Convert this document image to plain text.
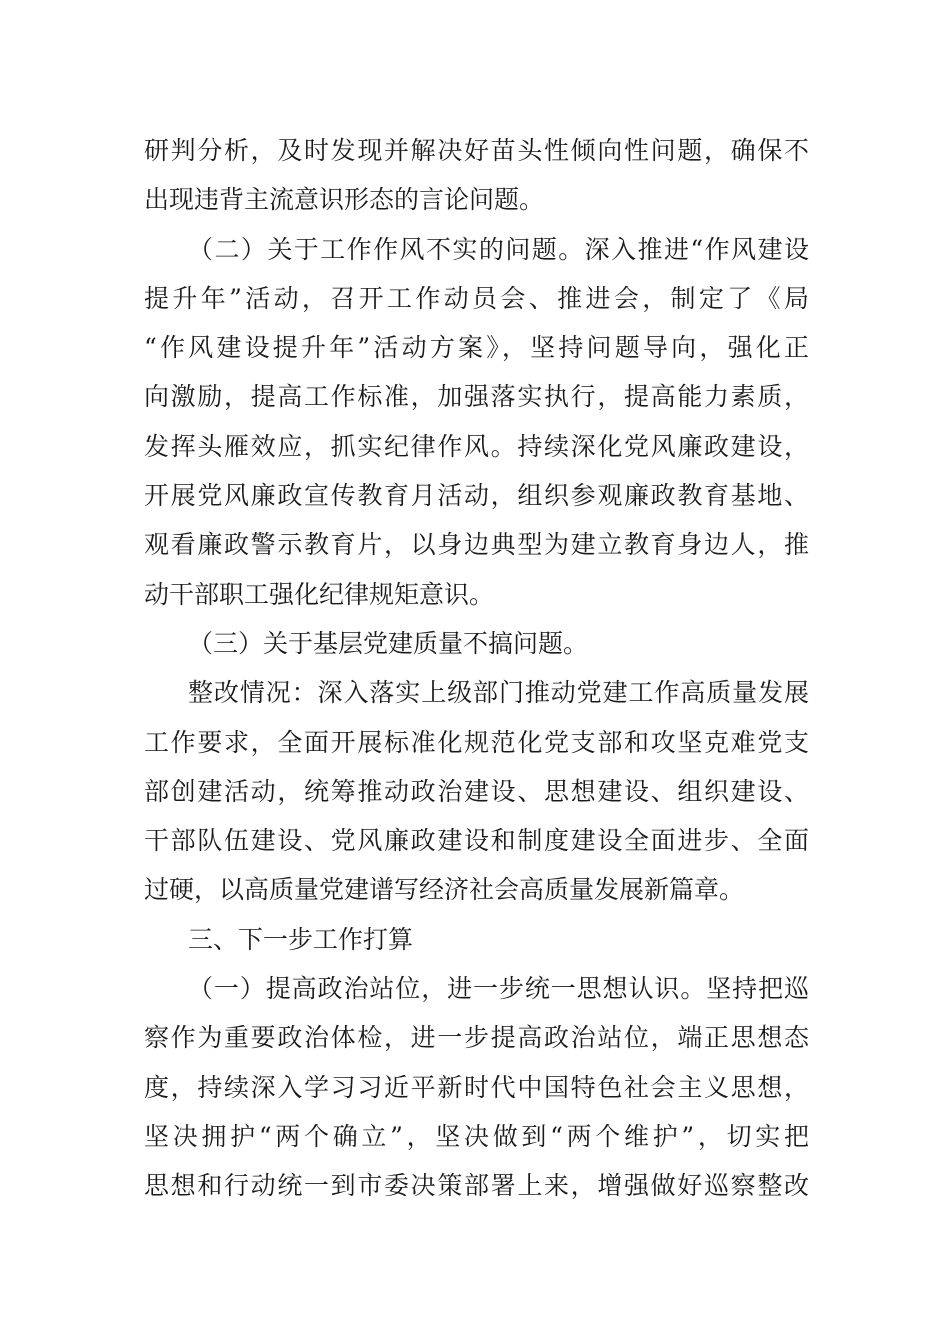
研判分析，及时发现并解决好苗头性倾向性问题，确保不
出现违背主流意识形态的言论问题。
（二）关于工作作风不实的问题。深入推进“作风建设
提升年”活动，召开工作动员会、推进会，制定了《局
“作风建设提升年”活动方案》，坚持问题导向，强化正
向激励，提高工作标准，加强落实执行，提高能力素质，
发挥头雁效应，抓实纪律作风。持续深化党风廉政建设，
开展党风廉政宣传教育月活动，组织参观廉政教育基地、
观看廉政警示教育片，以身边典型为建立教育身边人，推
动干部职工强化纪律规矩意识。
（三）关于基层党建质量不搞问题。
整改情况：深入落实上级部门推动党建工作高质量发展
工作要求，全面开展标准化规范化党支部和攻坚克难党支
部创建活动，统筹推动政治建设、思想建设、组织建设、
干部队伍建设、党风廉政建设和制度建设全面进步、全面
过硬，以高质量党建谱写经济社会高质量发展新篇章。
三、下一步工作打算
（一）提高政治站位，进一步统一思想认识。坚持把巡
察作为重要政治体检，进一步提高政治站位，端正思想态
度，持续深入学习习近平新时代中国特色社会主义思想，
坚决拥护“两个确立”，坚决做到“两个维护”，切实把
思想和行动统一到市委决策部署上来，增强做好巡察整改
